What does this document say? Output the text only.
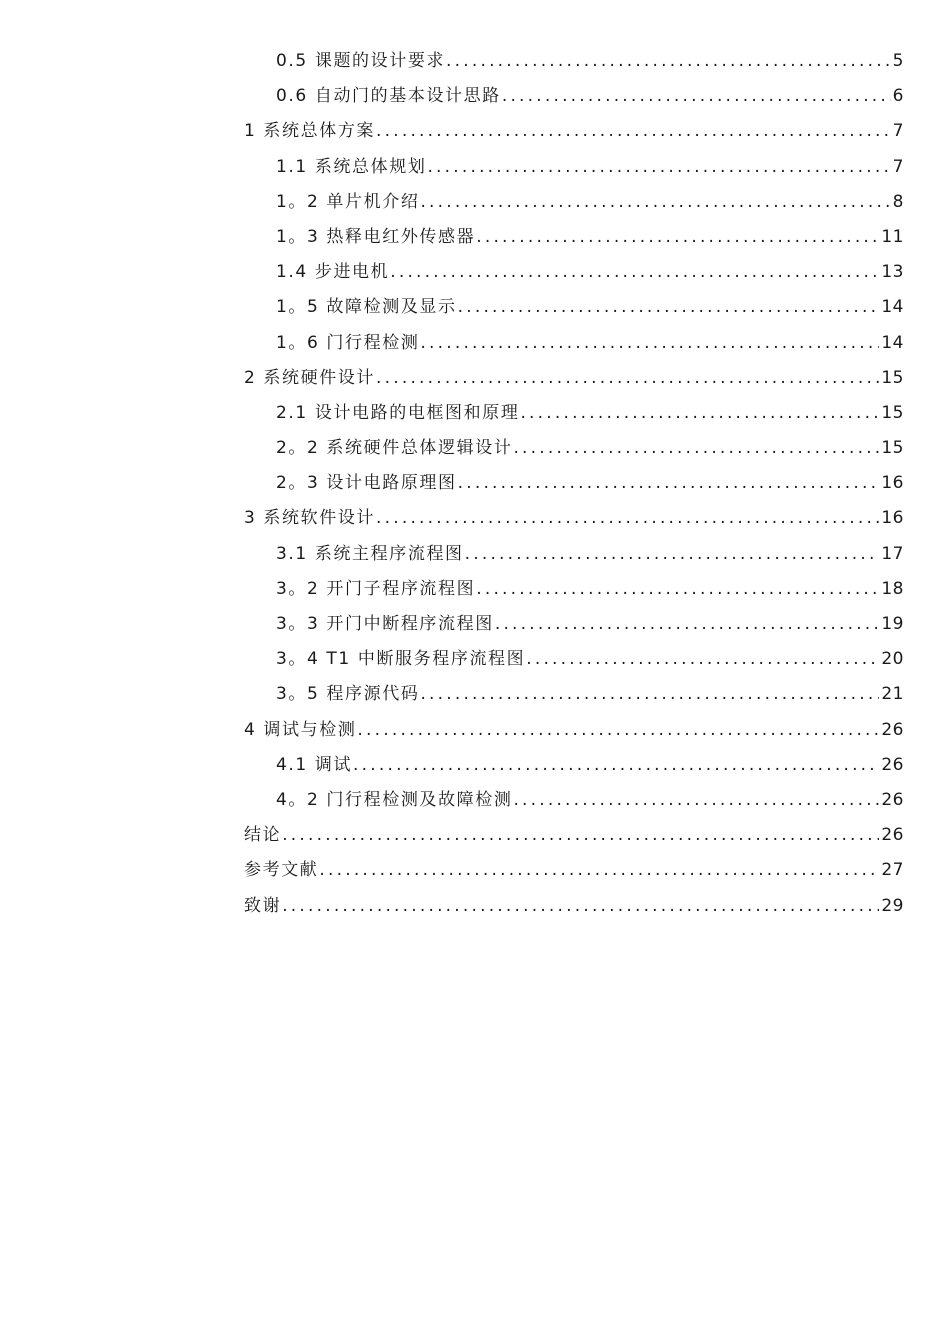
0.5 课题的设计要求 .....	5
0.6 自动门的基本设计思路 .....	6
1 系统总体方案 .....	7
1.1 系统总体规划 .....	7
1。2 单片机介绍 .....	8
1。3 热释电红外传感器 .....	11
1.4 步进电机 .....	13
1。5 故障检测及显示 .....	14
1。6 门行程检测 .....	14
2 系统硬件设计 .....	15
2.1 设计电路的电框图和原理 .....	15
2。2 系统硬件总体逻辑设计 .....	15
2。3 设计电路原理图 .....	16
3 系统软件设计 .....	16
3.1 系统主程序流程图 .....	17
3。2 开门子程序流程图 .....	18
3。3 开门中断程序流程图 .....	19
3。4 T1 中断服务程序流程图 .....	20
3。5 程序源代码 .....	21
4 调试与检测 .....	26
4.1 调试 .....	26
4。2 门行程检测及故障检测 .....	26
结论 .....	26
参考文献 .....	27
致谢 .....	29
